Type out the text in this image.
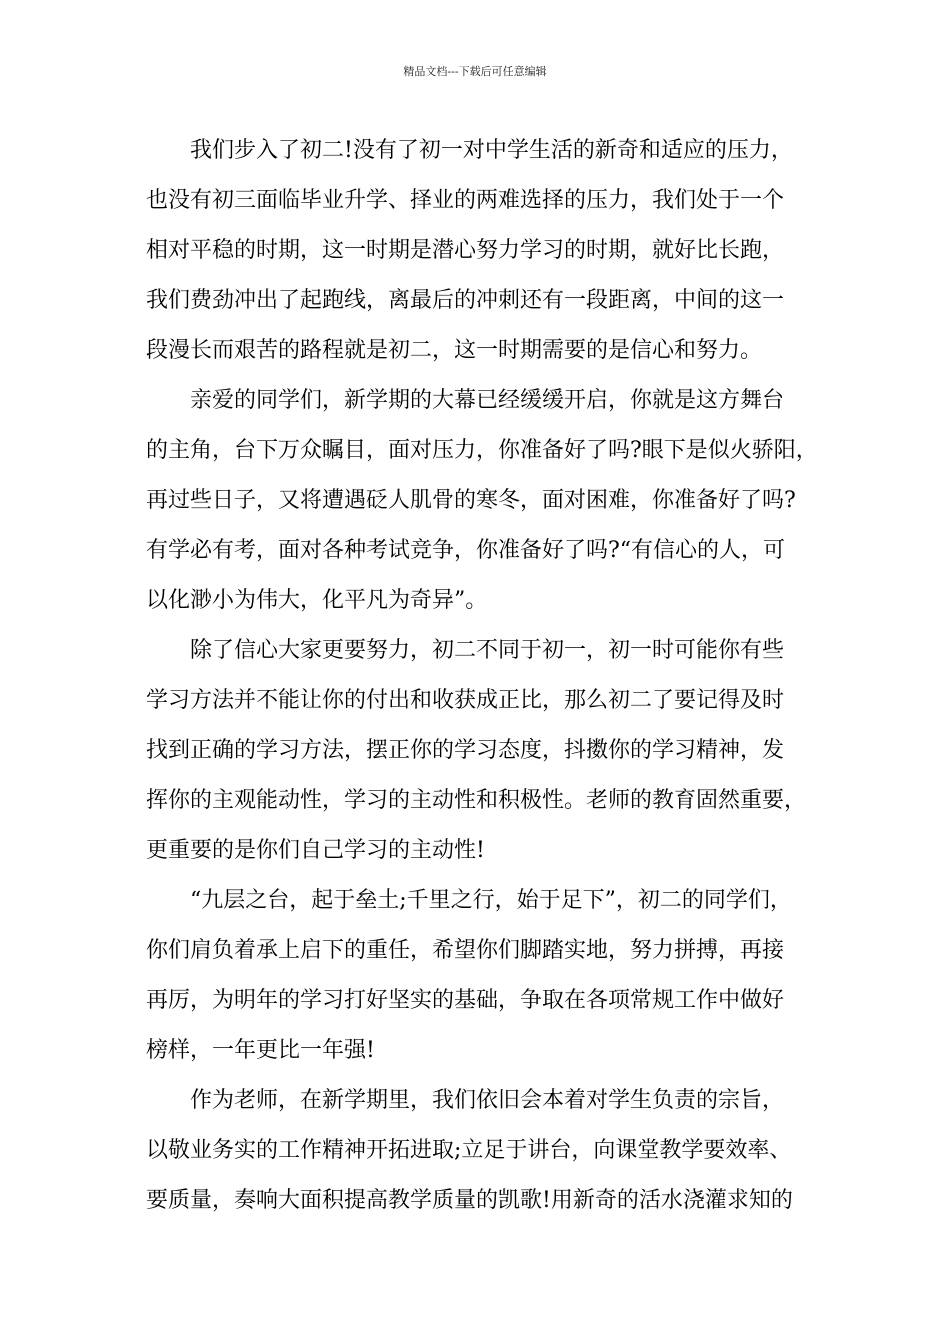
精品文档---下载后可任意编辑
我们步入了初二!没有了初一对中学生活的新奇和适应的压力，
也没有初三面临毕业升学、择业的两难选择的压力，我们处于一个
相对平稳的时期，这一时期是潜心努力学习的时期，就好比长跑，
我们费劲冲出了起跑线，离最后的冲刺还有一段距离，中间的这一
段漫长而艰苦的路程就是初二，这一时期需要的是信心和努力。
亲爱的同学们，新学期的大幕已经缓缓开启，你就是这方舞台
的主角，台下万众瞩目，面对压力，你准备好了吗?眼下是似火骄阳，
再过些日子，又将遭遇砭人肌骨的寒冬，面对困难，你准备好了吗?
有学必有考，面对各种考试竞争，你准备好了吗?“有信心的人，可
以化渺小为伟大，化平凡为奇异”。
除了信心大家更要努力，初二不同于初一，初一时可能你有些
学习方法并不能让你的付出和收获成正比，那么初二了要记得及时
找到正确的学习方法，摆正你的学习态度，抖擞你的学习精神，发
挥你的主观能动性，学习的主动性和积极性。老师的教育固然重要，
更重要的是你们自己学习的主动性!
“九层之台，起于垒土;千里之行，始于足下”，初二的同学们，
你们肩负着承上启下的重任，希望你们脚踏实地，努力拼搏，再接
再厉，为明年的学习打好坚实的基础，争取在各项常规工作中做好
榜样，一年更比一年强!
作为老师，在新学期里，我们依旧会本着对学生负责的宗旨，
以敬业务实的工作精神开拓进取;立足于讲台，向课堂教学要效率、
要质量，奏响大面积提高教学质量的凯歌!用新奇的活水浇灌求知的
